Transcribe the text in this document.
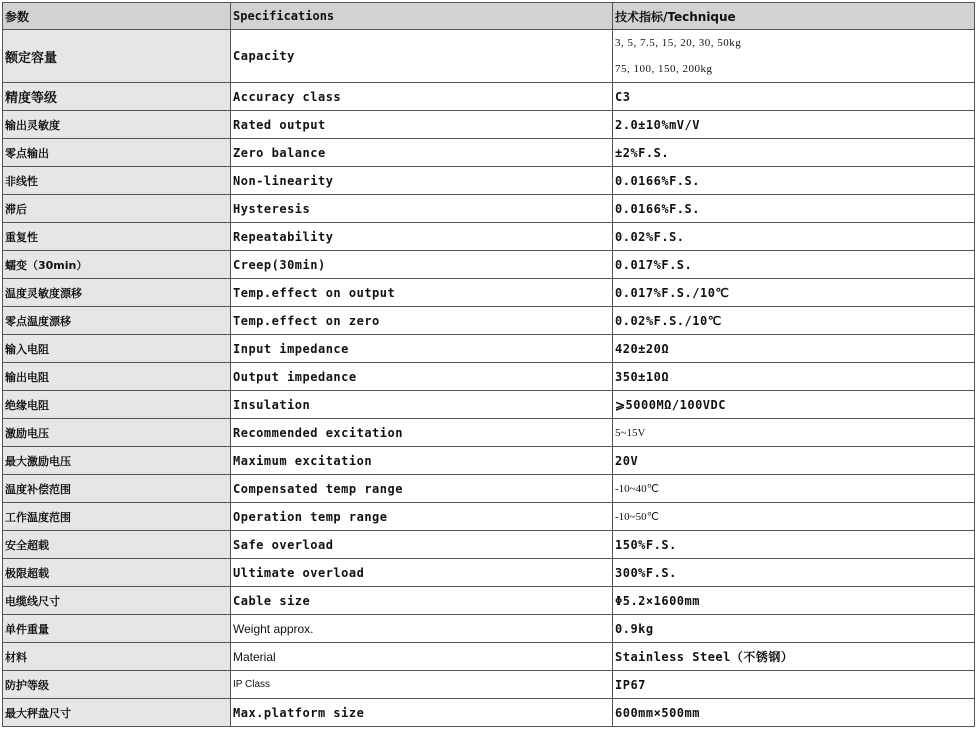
参数	Specifications	技术指标/Technique
额定容量	Capacity	3, 5, 7.5, 15, 20, 30, 50kg
75, 100, 150, 200kg

精度等级	Accuracy class	C3
输出灵敏度	Rated output	2.0±10%mV/V
零点输出	Zero balance	±2%F.S.
非线性	Non-linearity	0.0166%F.S.
滞后	Hysteresis	0.0166%F.S.
重复性	Repeatability	0.02%F.S.
蠕变（30min）	Creep(30min)	0.017%F.S.
温度灵敏度漂移	Temp.effect on output	0.017%F.S./10℃
零点温度漂移	Temp.effect on zero	0.02%F.S./10℃
输入电阻	Input impedance	420±20Ω
输出电阻	Output impedance	350±10Ω
绝缘电阻	Insulation	⩾5000MΩ/100VDC
激励电压	Recommended excitation	5~15V
最大激励电压	Maximum excitation	20V
温度补偿范围	Compensated temp range	-10~40℃
工作温度范围	Operation temp range	-10~50℃
安全超载	Safe overload	150%F.S.
极限超载	Ultimate overload	300%F.S.
电缆线尺寸	Cable size	Φ5.2×1600mm
单件重量	Weight approx.	0.9kg
材料	Material	Stainless Steel（不锈钢）
防护等级	IP Class	IP67
最大秤盘尺寸	Max.platform size	600mm×500mm
